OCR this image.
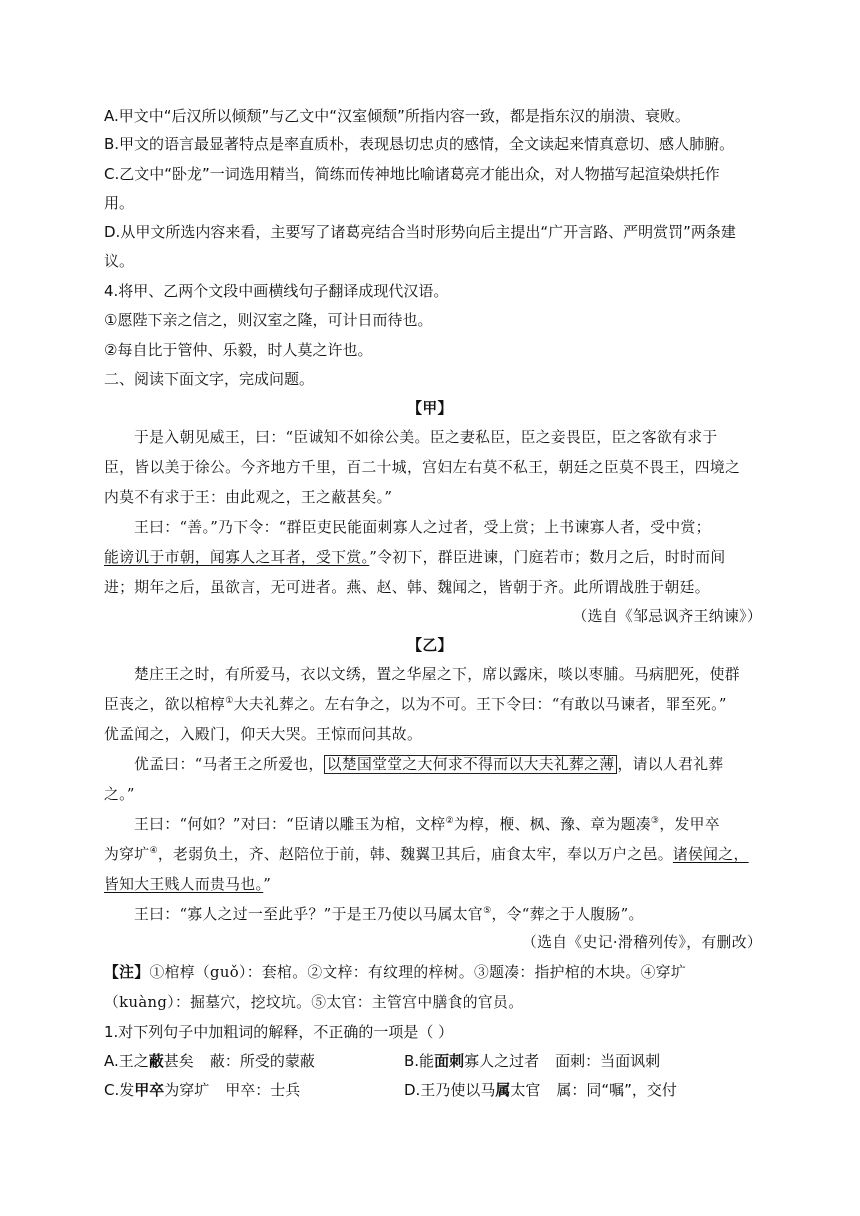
A.甲文中“后汉所以倾颓”与乙文中“汉室倾颓”所指内容一致，都是指东汉的崩溃、衰败。
B.甲文的语言最显著特点是率直质朴，表现恳切忠贞的感情，全文读起来情真意切、感人肺腑。
C.乙文中“卧龙”一词选用精当，简练而传神地比喻诸葛亮才能出众，对人物描写起渲染烘托作
用。
D.从甲文所选内容来看，主要写了诸葛亮结合当时形势向后主提出“广开言路、严明赏罚”两条建
议。
4.将甲、乙两个文段中画横线句子翻译成现代汉语。
①愿陛下亲之信之，则汉室之隆，可计日而待也。
②每自比于管仲、乐毅，时人莫之许也。
二、阅读下面文字，完成问题。
【甲】
于是入朝见威王，曰：“臣诚知不如徐公美。臣之妻私臣，臣之妾畏臣，臣之客欲有求于
臣，皆以美于徐公。今齐地方千里，百二十城，宫妇左右莫不私王，朝廷之臣莫不畏王，四境之
内莫不有求于王：由此观之，王之蔽甚矣。”
王曰：“善。”乃下令：“群臣吏民能面刺寡人之过者，受上赏；上书谏寡人者，受中赏；
能谤讥于市朝，闻寡人之耳者，受下赏。”令初下，群臣进谏，门庭若市；数月之后，时时而间
进；期年之后，虽欲言，无可进者。燕、赵、韩、魏闻之，皆朝于齐。此所谓战胜于朝廷。
（选自《邹忌讽齐王纳谏》）
【乙】
楚庄王之时，有所爱马，衣以文绣，置之华屋之下，席以露床，啖以枣脯。马病肥死，使群
臣丧之，欲以棺椁①大夫礼葬之。左右争之，以为不可。王下令曰：“有敢以马谏者，罪至死。”
优孟闻之，入殿门，仰天大哭。王惊而问其故。
优孟曰：“马者王之所爱也， 以楚国堂堂之大何求不得而以大夫礼葬之薄 ，请以人君礼葬
之。”
王曰：“何如？”对曰：“臣请以雕玉为棺，文梓②为椁，楩、枫、豫、章为题凑③，发甲卒
为穿圹④，老弱负土，齐、赵陪位于前，韩、魏翼卫其后，庙食太牢，奉以万户之邑。诸侯闻之，
皆知大王贱人而贵马也。”
王曰：“寡人之过一至此乎？”于是王乃使以马属太官⑤，令“葬之于人腹肠”。
（选自《史记·滑稽列传》，有删改）
【注】①棺椁（guǒ）：套棺。②文梓：有纹理的梓树。③题凑：指护棺的木块。④穿圹
（kuàng）：掘墓穴，挖坟坑。⑤太官：主管宫中膳食的官员。
1.对下列句子中加粗词的解释，不正确的一项是（ ）
A.王之蔽甚矣 蔽：所受的蒙蔽	B.能面刺寡人之过者 面刺：当面讽刺
C.发甲卒为穿圹 甲卒：士兵	D.王乃使以马属太官 属：同“嘱”，交付
